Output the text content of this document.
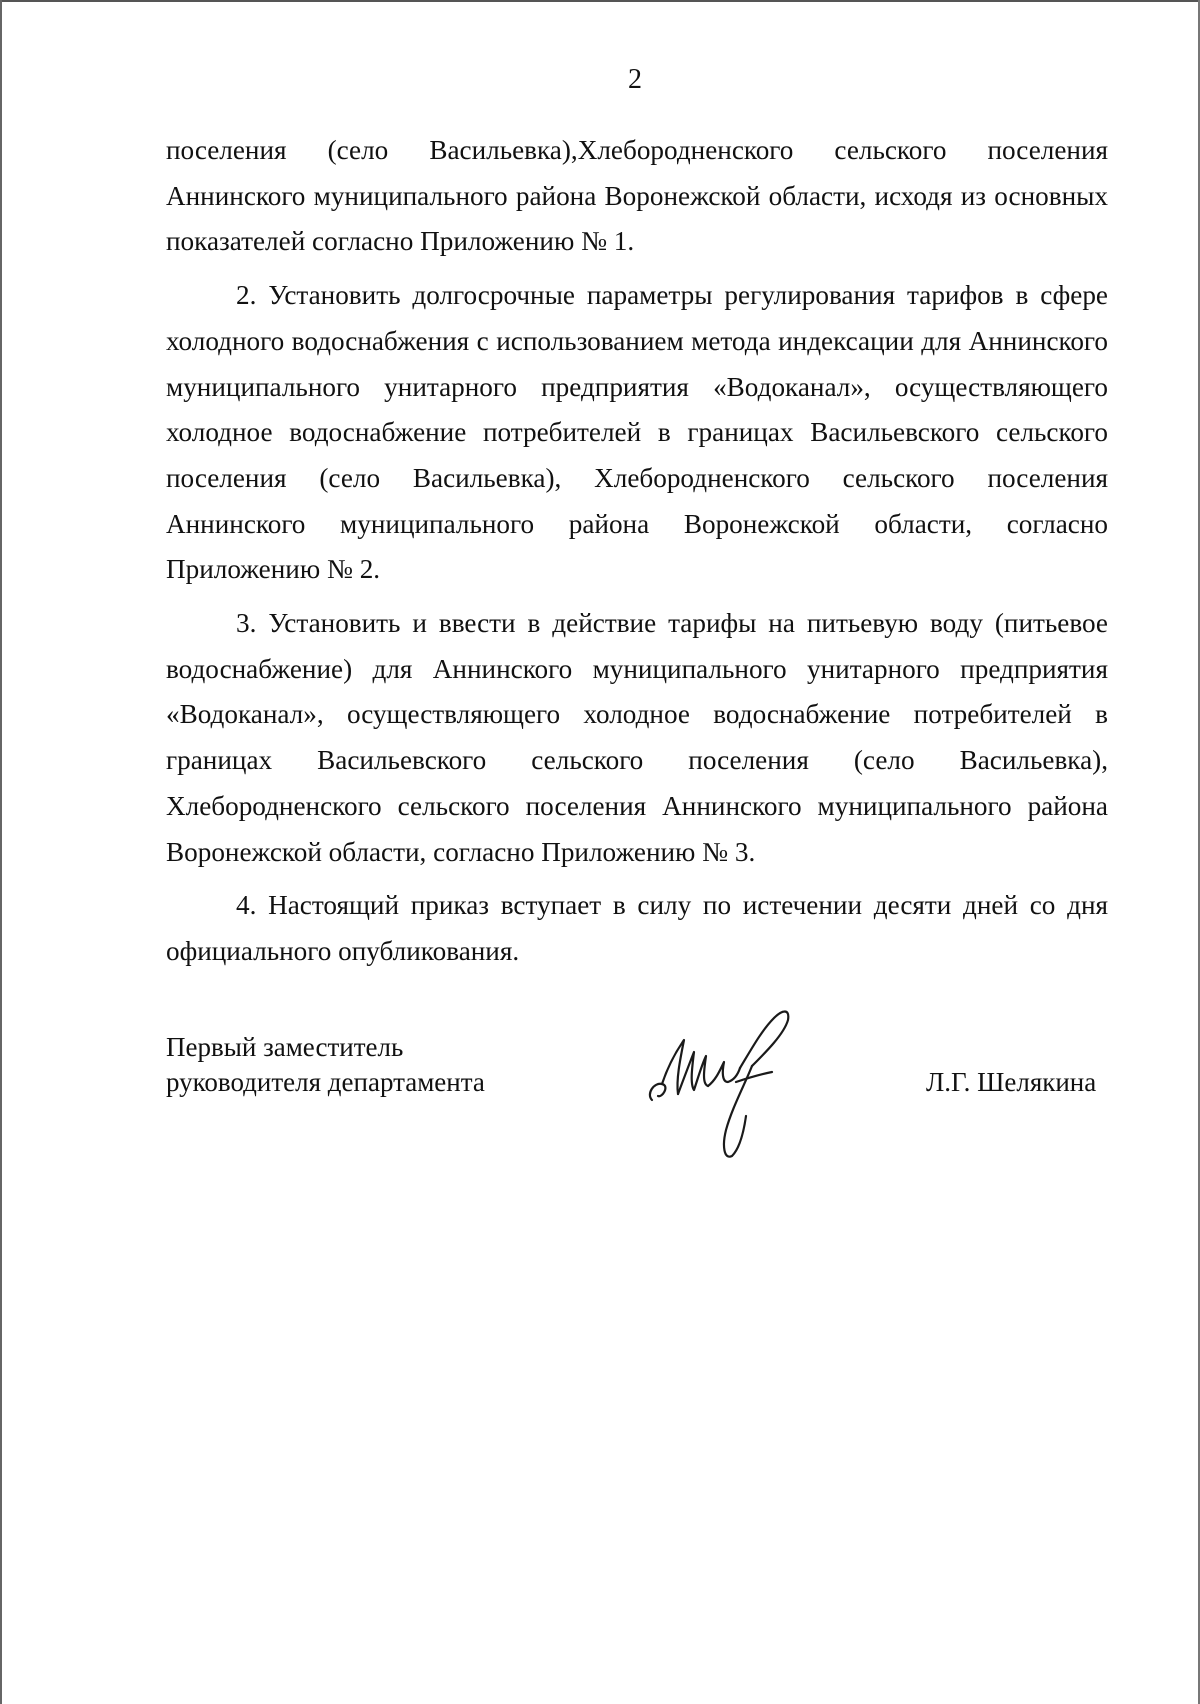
2

поселения (село Васильевка),Хлебородненского сельского поселения Аннинского муниципального района Воронежской области, исходя из основных показателей согласно Приложению № 1.

2. Установить долгосрочные параметры регулирования тарифов в сфере холодного водоснабжения с использованием метода индексации для Аннинского муниципального унитарного предприятия «Водоканал», осуществляющего холодное водоснабжение потребителей в границах Васильевского сельского поселения (село Васильевка), Хлебородненского сельского поселения Аннинского муниципального района Воронежской области, согласно Приложению № 2.

3. Установить и ввести в действие тарифы на питьевую воду (питьевое водоснабжение) для Аннинского муниципального унитарного предприятия «Водоканал», осуществляющего холодное водоснабжение потребителей в границах Васильевского сельского поселения (село Васильевка), Хлебородненского сельского поселения Аннинского муниципального района Воронежской области, согласно Приложению № 3.

4. Настоящий приказ вступает в силу по истечении десяти дней со дня официального опубликования.

Первый заместитель
руководителя департамента	Л.Г. Шелякина
